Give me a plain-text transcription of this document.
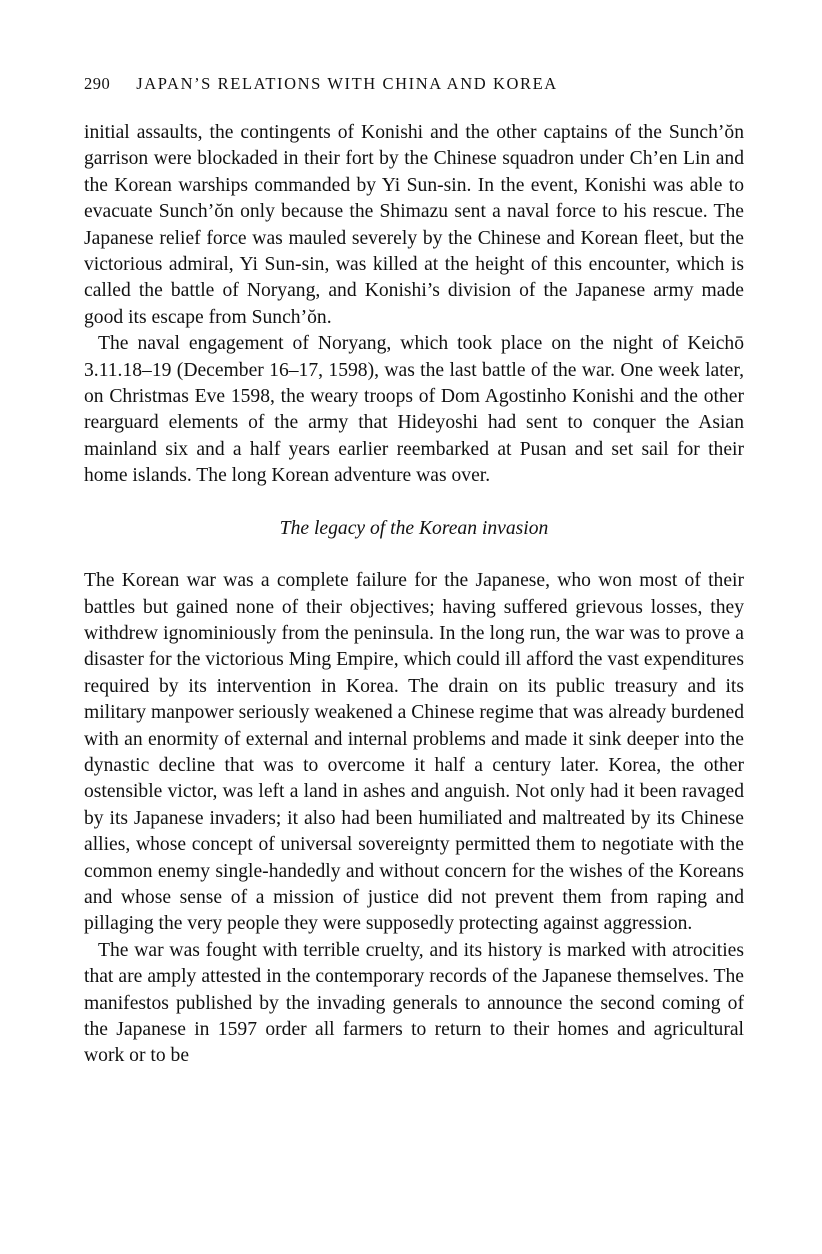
290 JAPAN’S RELATIONS WITH CHINA AND KOREA

initial assaults, the contingents of Konishi and the other captains of the Sunch’ŏn garrison were blockaded in their fort by the Chinese squadron under Ch’en Lin and the Korean warships commanded by Yi Sun-sin. In the event, Konishi was able to evacuate Sunch’ŏn only because the Shimazu sent a naval force to his rescue. The Japanese relief force was mauled severely by the Chinese and Korean fleet, but the victorious admiral, Yi Sun-sin, was killed at the height of this encounter, which is called the battle of Noryang, and Konishi’s division of the Japanese army made good its escape from Sunch’ŏn.

The naval engagement of Noryang, which took place on the night of Keichō 3.11.18–19 (December 16–17, 1598), was the last battle of the war. One week later, on Christmas Eve 1598, the weary troops of Dom Agostinho Konishi and the other rearguard elements of the army that Hideyoshi had sent to conquer the Asian mainland six and a half years earlier reembarked at Pusan and set sail for their home islands. The long Korean adventure was over.

The legacy of the Korean invasion

The Korean war was a complete failure for the Japanese, who won most of their battles but gained none of their objectives; having suffered grievous losses, they withdrew ignominiously from the peninsula. In the long run, the war was to prove a disaster for the victorious Ming Empire, which could ill afford the vast expenditures required by its intervention in Korea. The drain on its public treasury and its military manpower seriously weakened a Chinese regime that was already burdened with an enormity of external and internal problems and made it sink deeper into the dynastic decline that was to overcome it half a century later. Korea, the other ostensible victor, was left a land in ashes and anguish. Not only had it been ravaged by its Japanese invaders; it also had been humiliated and maltreated by its Chinese allies, whose concept of universal sovereignty permitted them to negotiate with the common enemy single-handedly and without concern for the wishes of the Koreans and whose sense of a mission of justice did not prevent them from raping and pillaging the very people they were supposedly protecting against aggression.

The war was fought with terrible cruelty, and its history is marked with atrocities that are amply attested in the contemporary records of the Japanese themselves. The manifestos published by the invading generals to announce the second coming of the Japanese in 1597 order all farmers to return to their homes and agricultural work or to be
